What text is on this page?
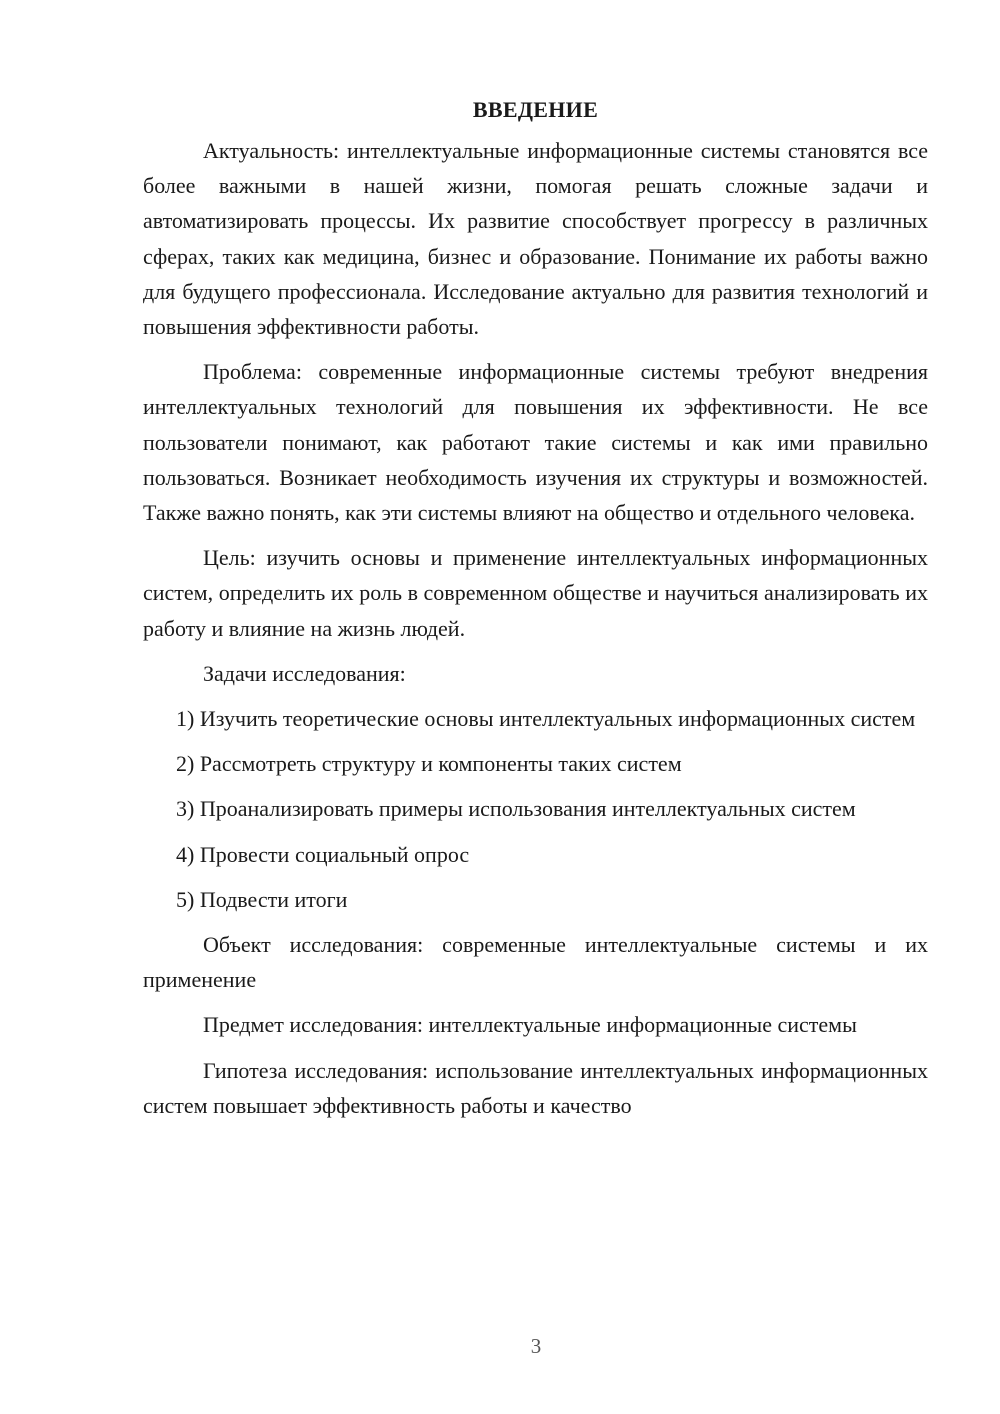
ВВЕДЕНИЕ

Актуальность: интеллектуальные информационные системы становятся все более важными в нашей жизни, помогая решать сложные задачи и автоматизировать процессы. Их развитие способствует прогрессу в различных сферах, таких как медицина, бизнес и образование. Понимание их работы важно для будущего профессионала. Исследование актуально для развития технологий и повышения эффективности работы.

Проблема: современные информационные системы требуют внедрения интеллектуальных технологий для повышения их эффективности. Не все пользователи понимают, как работают такие системы и как ими правильно пользоваться. Возникает необходимость изучения их структуры и возможностей. Также важно понять, как эти системы влияют на общество и отдельного человека.

Цель: изучить основы и применение интеллектуальных информационных систем, определить их роль в современном обществе и научиться анализировать их работу и влияние на жизнь людей.

Задачи исследования:

1) Изучить теоретические основы интеллектуальных информационных систем

2) Рассмотреть структуру и компоненты таких систем

3) Проанализировать примеры использования интеллектуальных систем

4) Провести социальный опрос

5) Подвести итоги

Объект исследования: современные интеллектуальные системы и их применение

Предмет исследования: интеллектуальные информационные системы

Гипотеза исследования: использование интеллектуальных информационных систем повышает эффективность работы и качество

3
